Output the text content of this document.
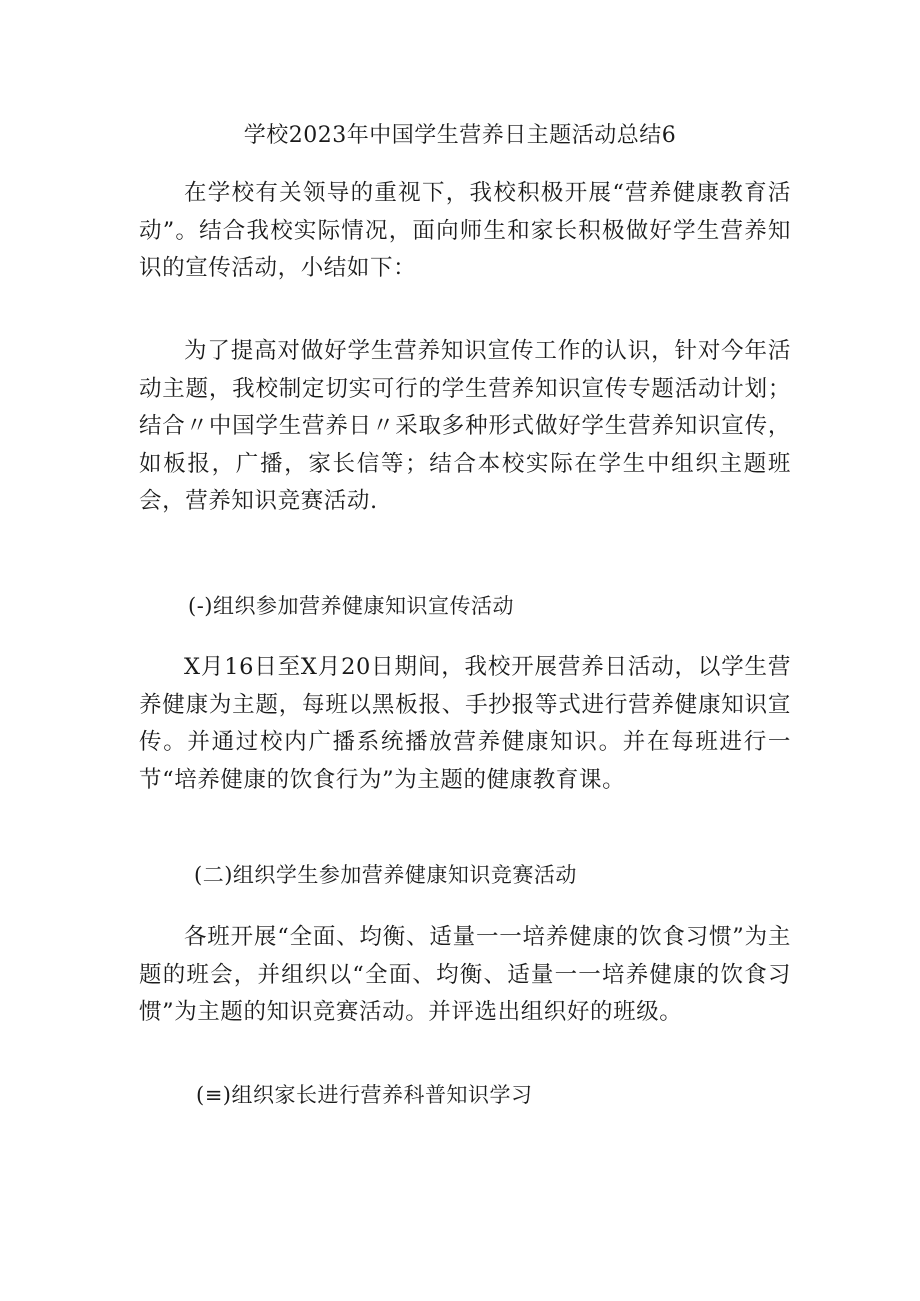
学校2023年中国学生营养日主题活动总结6

在学校有关领导的重视下，我校积极开展“营养健康教育活动”。结合我校实际情况，面向师生和家长积极做好学生营养知识的宣传活动，小结如下：

为了提高对做好学生营养知识宣传工作的认识，针对今年活动主题，我校制定切实可行的学生营养知识宣传专题活动计划；结合〃中国学生营养日〃采取多种形式做好学生营养知识宣传，如板报，广播，家长信等；结合本校实际在学生中组织主题班会，营养知识竞赛活动.

(-)组织参加营养健康知识宣传活动

X月16日至X月20日期间，我校开展营养日活动，以学生营养健康为主题，每班以黑板报、手抄报等式进行营养健康知识宣传。并通过校内广播系统播放营养健康知识。并在每班进行一节“培养健康的饮食行为”为主题的健康教育课。

(二)组织学生参加营养健康知识竞赛活动

各班开展“全面、均衡、适量一一培养健康的饮食习惯”为主题的班会，并组织以“全面、均衡、适量一一培养健康的饮食习惯”为主题的知识竞赛活动。并评选出组织好的班级。

(≡)组织家长进行营养科普知识学习
